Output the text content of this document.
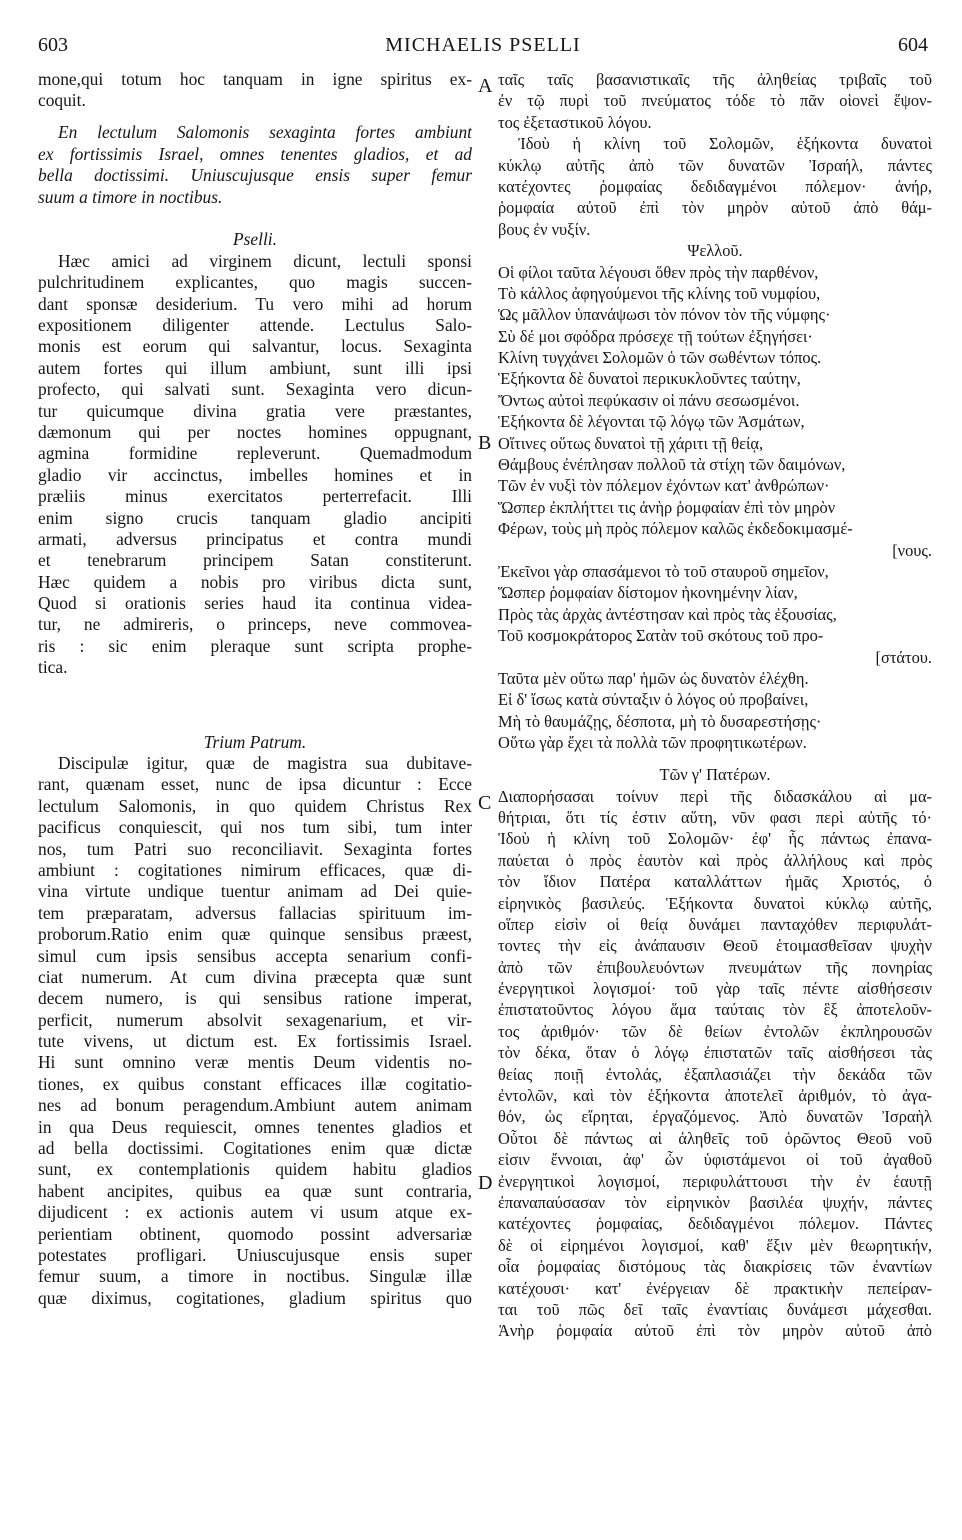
603	MICHAELIS PSELLI	604
A
B
C
D
mone,qui totum hoc tanquam in igne spiritus ex-
coquit.
En lectulum Salomonis sexaginta fortes ambiunt
ex fortissimis Israel, omnes tenentes gladios, et ad
bella doctissimi. Uniuscujusque ensis super femur
suum a timore in noctibus.
Pselli.
Hæc amici ad virginem dicunt, lectuli sponsi
pulchritudinem explicantes, quo magis succen-
dant sponsæ desiderium. Tu vero mihi ad horum
expositionem diligenter attende. Lectulus Salo-
monis est eorum qui salvantur, locus. Sexaginta
autem fortes qui illum ambiunt, sunt illi ipsi
profecto, qui salvati sunt. Sexaginta vero dicun-
tur quicumque divina gratia vere præstantes,
dæmonum qui per noctes homines oppugnant,
agmina formidine repleverunt. Quemadmodum
gladio vir accinctus, imbelles homines et in
præliis minus exercitatos perterrefacit. Illi
enim signo crucis tanquam gladio ancipiti
armati, adversus principatus et contra mundi
et tenebrarum principem Satan constiterunt.
Hæc quidem a nobis pro viribus dicta sunt,
Quod si orationis series haud ita continua videa-
tur, ne admireris, o princeps, neve commovea-
ris : sic enim pleraque sunt scripta prophe-
tica.
Trium Patrum.
Discipulæ igitur, quæ de magistra sua dubitave-
rant, quænam esset, nunc de ipsa dicuntur : Ecce
lectulum Salomonis, in quo quidem Christus Rex
pacificus conquiescit, qui nos tum sibi, tum inter
nos, tum Patri suo reconciliavit. Sexaginta fortes
ambiunt : cogitationes nimirum efficaces, quæ di-
vina virtute undique tuentur animam ad Dei quie-
tem præparatam, adversus fallacias spirituum im-
proborum.Ratio enim quæ quinque sensibus præest,
simul cum ipsis sensibus accepta senarium confi-
ciat numerum. At cum divina præcepta quæ sunt
decem numero, is qui sensibus ratione imperat,
perficit, numerum absolvit sexagenarium, et vir-
tute vivens, ut dictum est. Ex fortissimis Israel.
Hi sunt omnino veræ mentis Deum videntis no-
tiones, ex quibus constant efficaces illæ cogitatio-
nes ad bonum peragendum.Ambiunt autem animam
in qua Deus requiescit, omnes tenentes gladios et
ad bella doctissimi. Cogitationes enim quæ dictæ
sunt, ex contemplationis quidem habitu gladios
habent ancipites, quibus ea quæ sunt contraria,
dijudicent : ex actionis autem vi usum atque ex-
perientiam obtinent, quomodo possint adversariæ
potestates profligari. Uniuscujusque ensis super
femur suum, a timore in noctibus. Singulæ illæ
quæ diximus, cogitationes, gladium spiritus quo
ταῖς ταῖς βασανιστικαῖς τῆς ἀληθείας τριβαῖς τοῦ
ἐν τῷ πυρὶ τοῦ πνεύματος τόδε τὸ πᾶν οἱονεὶ ἕψον-
τος ἐξεταστικοῦ λόγου.
Ἰδοὺ ἡ κλίνη τοῦ Σολομῶν, ἑξήκοντα δυνατοὶ
κύκλῳ αὐτῆς ἀπὸ τῶν δυνατῶν Ἰσραήλ, πάντες
κατέχοντες ῥομφαίας δεδιδαγμένοι πόλεμον· ἀνήρ,
ῥομφαία αὐτοῦ ἐπὶ τὸν μηρὸν αὐτοῦ ἀπὸ θάμ-
βους ἐν νυξίν.
Ψελλοῦ.
Οἱ φίλοι ταῦτα λέγουσι ὅθεν πρὸς τὴν παρθένον,
Τὸ κάλλος ἀφηγούμενοι τῆς κλίνης τοῦ νυμφίου,
Ὡς μᾶλλον ὑπανάψωσι τὸν πόνον τὸν τῆς νύμφης·
Σὺ δέ μοι σφόδρα πρόσεχε τῇ τούτων ἐξηγήσει·
Κλίνη τυγχάνει Σολομῶν ὁ τῶν σωθέντων τόπος.
Ἑξήκοντα δὲ δυνατοὶ περικυκλοῦντες ταύτην,
Ὄντως αὐτοὶ πεφύκασιν οἱ πάνυ σεσωσμένοι.
Ἑξήκοντα δὲ λέγονται τῷ λόγῳ τῶν Ἀσμάτων,
Οἵτινες οὕτως δυνατοὶ τῇ χάριτι τῇ θείᾳ,
Θάμβους ἐνέπλησαν πολλοῦ τὰ στίχη τῶν δαιμόνων,
Τῶν ἐν νυξὶ τὸν πόλεμον ἐχόντων κατ' ἀνθρώπων·
Ὥσπερ ἐκπλήττει τις ἀνὴρ ῥομφαίαν ἐπὶ τὸν μηρὸν
Φέρων, τοὺς μὴ πρὸς πόλεμον καλῶς ἐκδεδοκιμασμέ-
[νους.
Ἐκεῖνοι γὰρ σπασάμενοι τὸ τοῦ σταυροῦ σημεῖον,
Ὥσπερ ῥομφαίαν δίστομον ἠκονημένην λίαν,
Πρὸς τὰς ἀρχὰς ἀντέστησαν καὶ πρὸς τὰς ἐξουσίας,
Τοῦ κοσμοκράτορος Σατὰν τοῦ σκότους τοῦ προ-
[στάτου.
Ταῦτα μὲν οὕτω παρ' ἡμῶν ὡς δυνατὸν ἐλέχθη.
Εἰ δ' ἴσως κατὰ σύνταξιν ὁ λόγος οὐ προβαίνει,
Μὴ τὸ θαυμάζῃς, δέσποτα, μὴ τὸ δυσαρεστήσῃς·
Οὕτω γὰρ ἔχει τὰ πολλὰ τῶν προφητικωτέρων.
Τῶν γ' Πατέρων.
Διαπορήσασαι τοίνυν περὶ τῆς διδασκάλου αἱ μα-
θήτριαι, ὅτι τίς ἐστιν αὕτη, νῦν φασι περὶ αὐτῆς τό·
Ἰδοὺ ἡ κλίνη τοῦ Σολομῶν· ἐφ' ἧς πάντως ἐπανα-
παύεται ὁ πρὸς ἑαυτὸν καὶ πρὸς ἀλλήλους καὶ πρὸς
τὸν ἴδιον Πατέρα καταλλάττων ἡμᾶς Χριστός, ὁ
εἰρηνικὸς βασιλεύς. Ἑξήκοντα δυνατοὶ κύκλῳ αὐτῆς,
οἵπερ εἰσὶν οἱ θείᾳ δυνάμει πανταχόθεν περιφυλάτ-
τοντες τὴν εἰς ἀνάπαυσιν Θεοῦ ἑτοιμασθεῖσαν ψυχὴν
ἀπὸ τῶν ἐπιβουλευόντων πνευμάτων τῆς πονηρίας
ἐνεργητικοὶ λογισμοί· τοῦ γὰρ ταῖς πέντε αἰσθήσεσιν
ἐπιστατοῦντος λόγου ἅμα ταύταις τὸν ἓξ ἀποτελοῦν-
τος ἀριθμόν· τῶν δὲ θείων ἐντολῶν ἐκπληρουσῶν
τὸν δέκα, ὅταν ὁ λόγῳ ἐπιστατῶν ταῖς αἰσθήσεσι τὰς
θείας ποιῇ ἐντολάς, ἐξαπλασιάζει τὴν δεκάδα τῶν
ἐντολῶν, καὶ τὸν ἑξήκοντα ἀποτελεῖ ἀριθμόν, τὸ ἀγα-
θόν, ὡς εἴρηται, ἐργαζόμενος. Ἀπὸ δυνατῶν Ἰσραὴλ
Οὗτοι δὲ πάντως αἱ ἀληθεῖς τοῦ ὁρῶντος Θεοῦ νοῦ
εἰσιν ἔννοιαι, ἀφ' ὧν ὑφιστάμενοι οἱ τοῦ ἀγαθοῦ
ἐνεργητικοὶ λογισμοί, περιφυλάττουσι τὴν ἐν ἑαυτῇ
ἐπαναπαύσασαν τὸν εἰρηνικὸν βασιλέα ψυχήν, πάντες
κατέχοντες ῥομφαίας, δεδιδαγμένοι πόλεμον. Πάντες
δὲ οἱ εἰρημένοι λογισμοί, καθ' ἕξιν μὲν θεωρητικήν,
οἷα ῥομφαίας διστόμους τὰς διακρίσεις τῶν ἐναντίων
κατέχουσι· κατ' ἐνέργειαν δὲ πρακτικὴν πεπείραν-
ται τοῦ πῶς δεῖ ταῖς ἐναντίαις δυνάμεσι μάχεσθαι.
Ἀνὴρ ῥομφαία αὐτοῦ ἐπὶ τὸν μηρὸν αὐτοῦ ἀπὸ
